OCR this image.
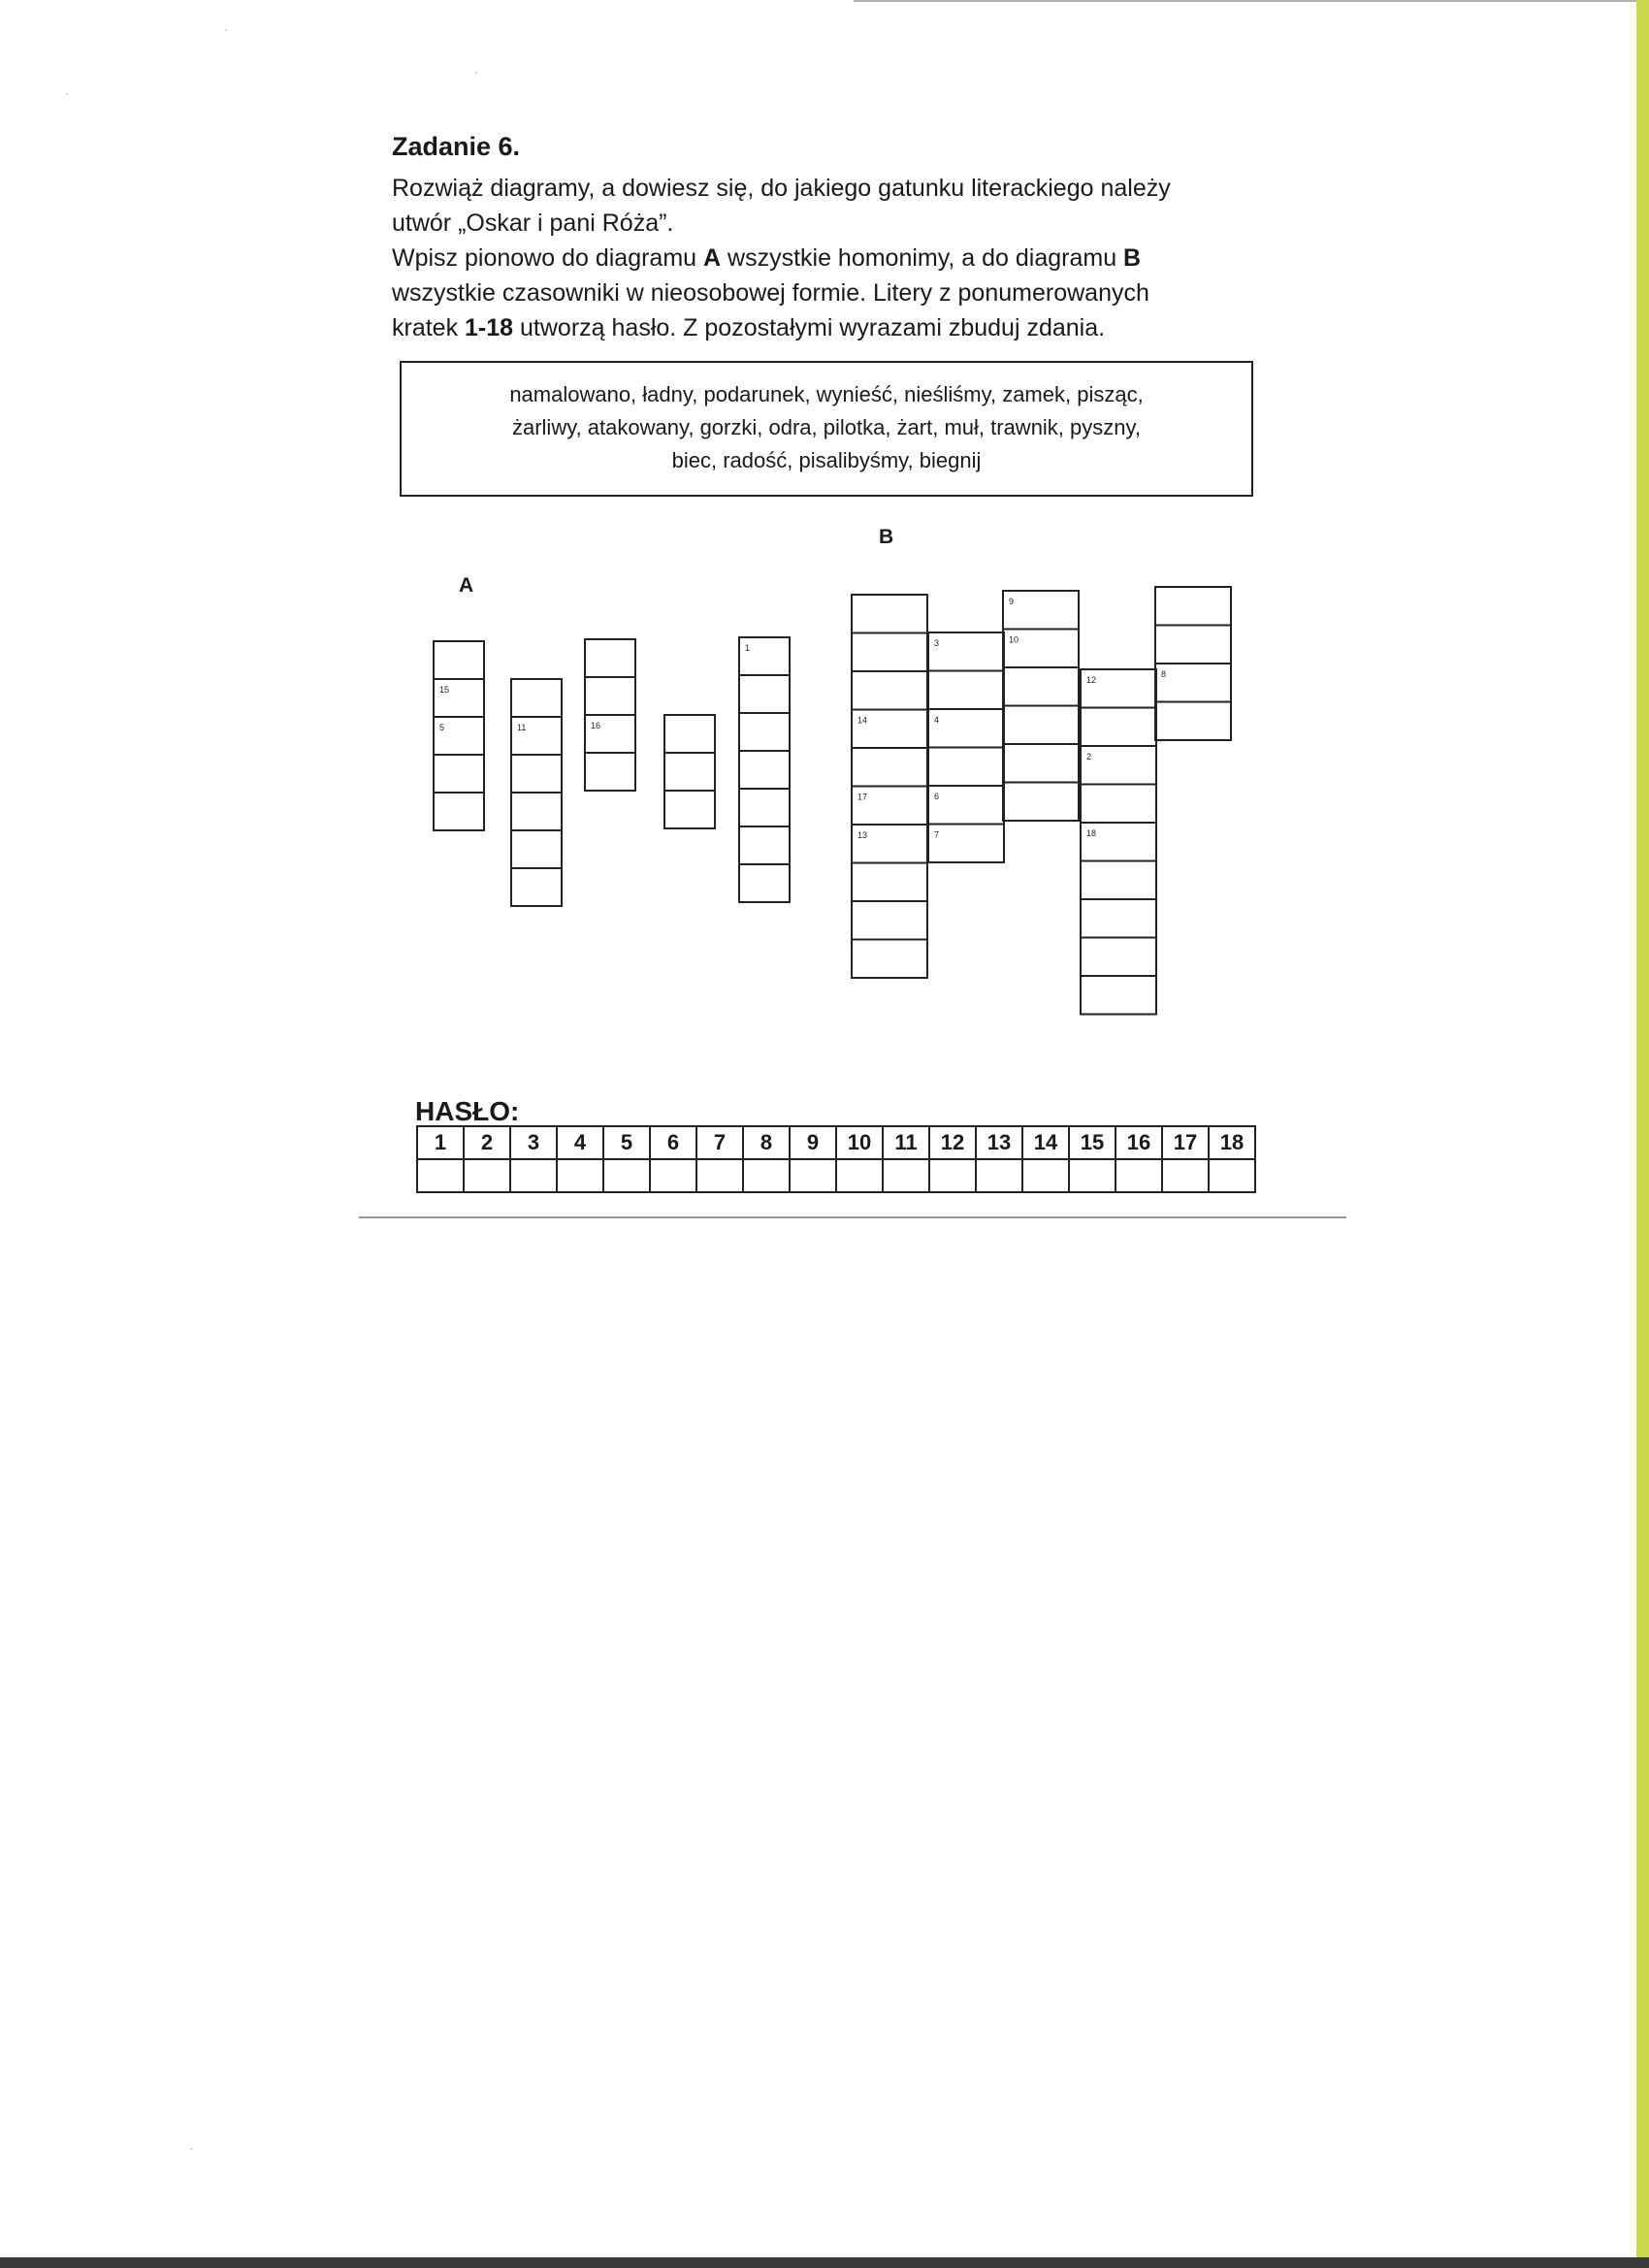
Zadanie 6.

Rozwiąż diagramy, a dowiesz się, do jakiego gatunku literackiego należy

utwór „Oskar i pani Róża”.

Wpisz pionowo do diagramu A wszystkie homonimy, a do diagramu B

wszystkie czasowniki w nieosobowej formie. Litery z ponumerowanych

kratek 1-18 utworzą hasło. Z pozostałymi wyrazami zbuduj zdania.

namalowano, ładny, podarunek, wynieść, nieśliśmy, zamek, pisząc,
żarliwy, atakowany, gorzki, odra, pilotka, żart, muł, trawnik, pyszny,
biec, radość, pisalibyśmy, biegnij
A
B
15
16
5	11
1
9
3	10
8
12
14	4
6
2
7
17
18
13
HASŁO:
1	2	3	4	5	6	7	8	9	10	11	12	13	14	15	16	17	18
